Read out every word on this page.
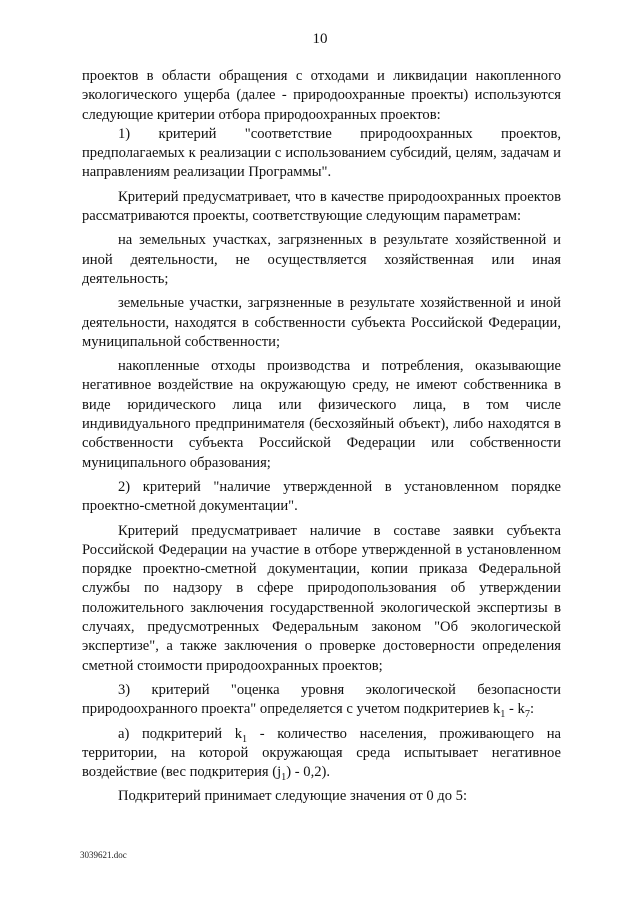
10

проектов в области обращения с отходами и ликвидации накопленного экологического ущерба (далее - природоохранные проекты) используются следующие критерии отбора природоохранных проектов:

1) критерий "соответствие природоохранных проектов, предполагаемых к реализации с использованием субсидий, целям, задачам и направлениям реализации Программы".

Критерий предусматривает, что в качестве природоохранных проектов рассматриваются проекты, соответствующие следующим параметрам:

на земельных участках, загрязненных в результате хозяйственной и иной деятельности, не осуществляется хозяйственная или иная деятельность;

земельные участки, загрязненные в результате хозяйственной и иной деятельности, находятся в собственности субъекта Российской Федерации, муниципальной собственности;

накопленные отходы производства и потребления, оказывающие негативное воздействие на окружающую среду, не имеют собственника в виде юридического лица или физического лица, в том числе индивидуального предпринимателя (бесхозяйный объект), либо находятся в собственности субъекта Российской Федерации или собственности муниципального образования;

2) критерий "наличие утвержденной в установленном порядке проектно-сметной документации".

Критерий предусматривает наличие в составе заявки субъекта Российской Федерации на участие в отборе утвержденной в установленном порядке проектно-сметной документации, копии приказа Федеральной службы по надзору в сфере природопользования об утверждении положительного заключения государственной экологической экспертизы в случаях, предусмотренных Федеральным законом "Об экологической экспертизе", а также заключения о проверке достоверности определения сметной стоимости природоохранных проектов;

3) критерий "оценка уровня экологической безопасности природоохранного проекта" определяется с учетом подкритериев $k_1 - k_7$:

а) подкритерий $k_1$ - количество населения, проживающего на территории, на которой окружающая среда испытывает негативное воздействие (вес подкритерия $(j_1) - 0,2$).

Подкритерий принимает следующие значения от 0 до 5:

3039621.doc
